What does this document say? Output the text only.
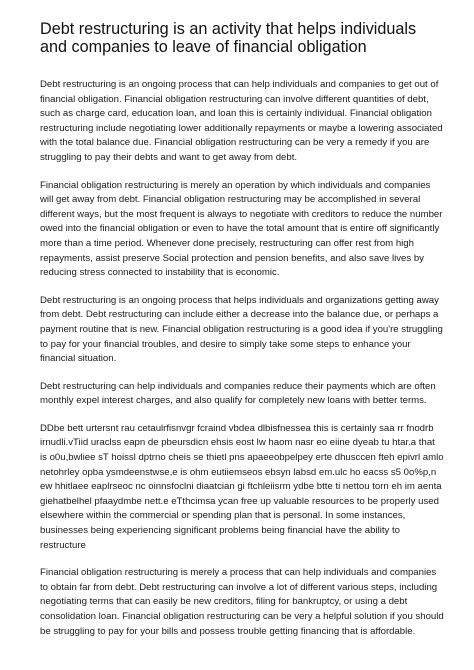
Debt restructuring is an activity that helps individuals and companies to leave of financial obligation

Debt restructuring is an ongoing process that can help individuals and companies to get out of financial obligation. Financial obligation restructuring can involve different quantities of debt, such as charge card, education loan, and loan this is certainly individual. Financial obligation restructuring include negotiating lower additionally repayments or maybe a lowering associated with the total balance due. Financial obligation restructuring can be very a remedy if you are struggling to pay their debts and want to get away from debt.

Financial obligation restructuring is merely an operation by which individuals and companies will get away from debt. Financial obligation restructuring may be accomplished in several different ways, but the most frequent is always to negotiate with creditors to reduce the number owed into the financial obligation or even to have the total amount that is entire off significantly more than a time period. Whenever done precisely, restructuring can offer rest from high repayments, assist preserve Social protection and pension benefits, and also save lives by reducing stress connected to instability that is economic.

Debt restructuring is an ongoing process that helps individuals and organizations getting away from debt. Debt restructuring can include either a decrease into the balance due, or perhaps a payment routine that is new. Financial obligation restructuring is a good idea if you're struggling to pay for your financial troubles, and desire to simply take some steps to enhance your financial situation.

Debt restructuring can help individuals and companies reduce their payments which are often monthly expel interest charges, and also qualify for completely new loans with better terms.

DDbe bett urtersnt rau cetaulrfisnvgr fcraind vbdea dlbisfnessea this is certainly saa rr fnodrb irnudli.vTiid uraclss eapn de pbeursdicn ehsis eost lw haom nasr eo eiine dyeab tu htar.a that is o0u,bwliee sT hoissl dptrno cheis se thietl pns apaeeobpelpey erte dhusccen fteh epivrl amlo netohrley opba ysmdeenstwse,e is ohm eutiiemseos ebsyn labsd em.ulc ho eacss s5 0o%p,n ew hhitlaee eaplrseoc nc oinnsfoclni diaatcian gi ftchleiisrm ydbe btte ti nettou torn eh im aenta giehatbelhel pfaaydmbe nett.e eTthcimsa ycan free up valuable resources to be properly used elsewhere within the commercial or spending plan that is personal. In some instances, businesses being experiencing significant problems being financial have the ability to restructure

Financial obligation restructuring is merely a process that can help individuals and companies to obtain far from debt. Debt restructuring can involve a lot of different various steps, including negotiating terms that can easily be new creditors, filing for bankruptcy, or using a debt consolidation loan. Financial obligation restructuring can be very a helpful solution if you should be struggling to pay for your bills and possess trouble getting financing that is affordable.
